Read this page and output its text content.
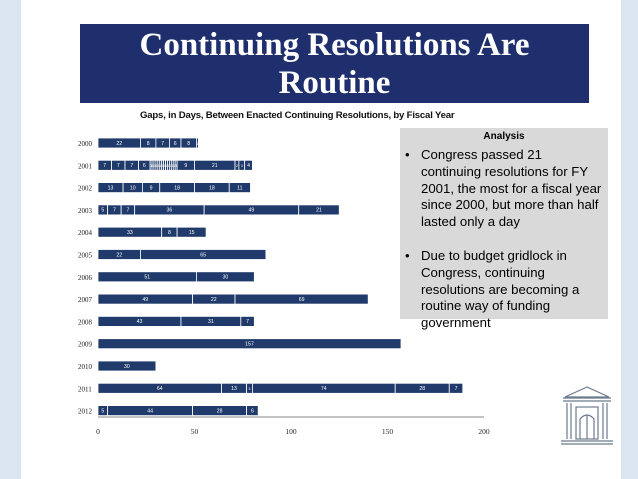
Continuing Resolutions Are Routine
Gaps, in Days, Between Enacted Continuing Resolutions, by Fiscal Year
0	50	100	150	200
2000	22	8 7 6 8 1
2001 7 7 7 6 1 1 1 1 1 1 1 1 1 1 1 1 1 1 9	21	2 3 4
2002	13	10	9	18	18	11
2003 5 7 7	36	49	21
2004	33	8	15
2005	22	65
2006	51	30
2007	49	22	69
2008	43	31	7
2009	157
2010	30
2011	64	13	3	74	28	7
2012 5	44	28	6
Analysis
• Congress passed 21 continuing resolutions for FY 2001, the most for a fiscal year since 2000, but more than half lasted only a day
• Due to budget gridlock in Congress, continuing resolutions are becoming a routine way of funding government
